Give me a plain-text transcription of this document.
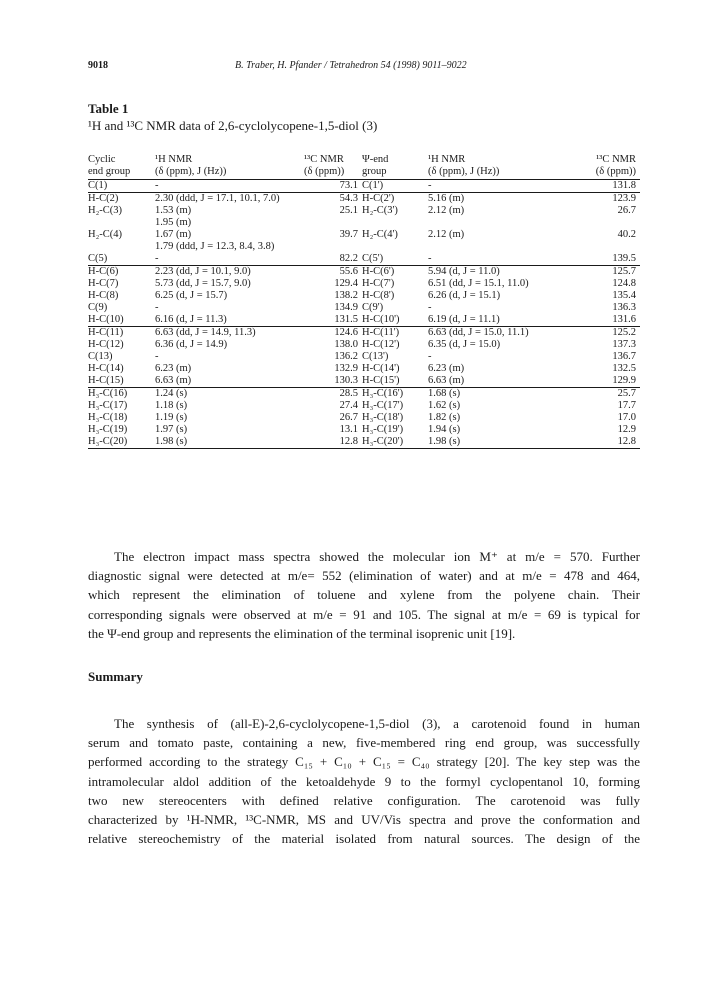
9018	B. Traber, H. Pfander / Tetrahedron 54 (1998) 9011–9022
Table 1
¹H and ¹³C NMR data of 2,6-cyclolycopene-1,5-diol (3)
Cyclic	¹H NMR	¹³C NMR	Ψ-end	¹H NMR	¹³C NMR
end group	(δ (ppm), J (Hz))	(δ (ppm))	group	(δ (ppm), J (Hz))	(δ (ppm))
C(1)	-	73.1	C(1')	-	131.8
H-C(2)	2.30 (ddd, J = 17.1, 10.1, 7.0)	54.3	H-C(2')	5.16 (m)	123.9
H₂-C(3)	1.53 (m)	25.1	H₂-C(3')	2.12 (m)	26.7
	1.95 (m)				
H₂-C(4)	1.67 (m)	39.7	H₂-C(4')	2.12 (m)	40.2
	1.79 (ddd, J = 12.3, 8.4, 3.8)				
C(5)	-	82.2	C(5')	-	139.5
H-C(6)	2.23 (dd, J = 10.1, 9.0)	55.6	H-C(6')	5.94 (d, J = 11.0)	125.7
H-C(7)	5.73 (dd, J = 15.7, 9.0)	129.4	H-C(7')	6.51 (dd, J = 15.1, 11.0)	124.8
H-C(8)	6.25 (d, J = 15.7)	138.2	H-C(8')	6.26 (d, J = 15.1)	135.4
C(9)	-	134.9	C(9')	-	136.3
H-C(10)	6.16 (d, J = 11.3)	131.5	H-C(10')	6.19 (d, J = 11.1)	131.6
H-C(11)	6.63 (dd, J = 14.9, 11.3)	124.6	H-C(11')	6.63 (dd, J = 15.0, 11.1)	125.2
H-C(12)	6.36 (d, J = 14.9)	138.0	H-C(12')	6.35 (d, J = 15.0)	137.3
C(13)	-	136.2	C(13')	-	136.7
H-C(14)	6.23 (m)	132.9	H-C(14')	6.23 (m)	132.5
H-C(15)	6.63 (m)	130.3	H-C(15')	6.63 (m)	129.9
H₃-C(16)	1.24 (s)	28.5	H₃-C(16')	1.68 (s)	25.7
H₃-C(17)	1.18 (s)	27.4	H₃-C(17')	1.62 (s)	17.7
H₃-C(18)	1.19 (s)	26.7	H₃-C(18')	1.82 (s)	17.0
H₃-C(19)	1.97 (s)	13.1	H₃-C(19')	1.94 (s)	12.9
H₃-C(20)	1.98 (s)	12.8	H₃-C(20')	1.98 (s)	12.8
The electron impact mass spectra showed the molecular ion M⁺ at m/e = 570. Further
diagnostic signal were detected at m/e= 552 (elimination of water) and at m/e = 478 and 464,
which represent the elimination of toluene and xylene from the polyene chain. Their
corresponding signals were observed at m/e = 91 and 105. The signal at m/e = 69 is typical for
the Ψ-end group and represents the elimination of the terminal isoprenic unit [19].
Summary
The synthesis of (all-E)-2,6-cyclolycopene-1,5-diol (3), a carotenoid found in human
serum and tomato paste, containing a new, five-membered ring end group, was successfully
performed according to the strategy C₁₅ + C₁₀ + C₁₅ = C₄₀ strategy [20]. The key step was the
intramolecular aldol addition of the ketoaldehyde 9 to the formyl cyclopentanol 10, forming
two new stereocenters with defined relative configuration. The carotenoid was fully
characterized by ¹H-NMR, ¹³C-NMR, MS and UV/Vis spectra and prove the conformation and
relative stereochemistry of the material isolated from natural sources. The design of the
